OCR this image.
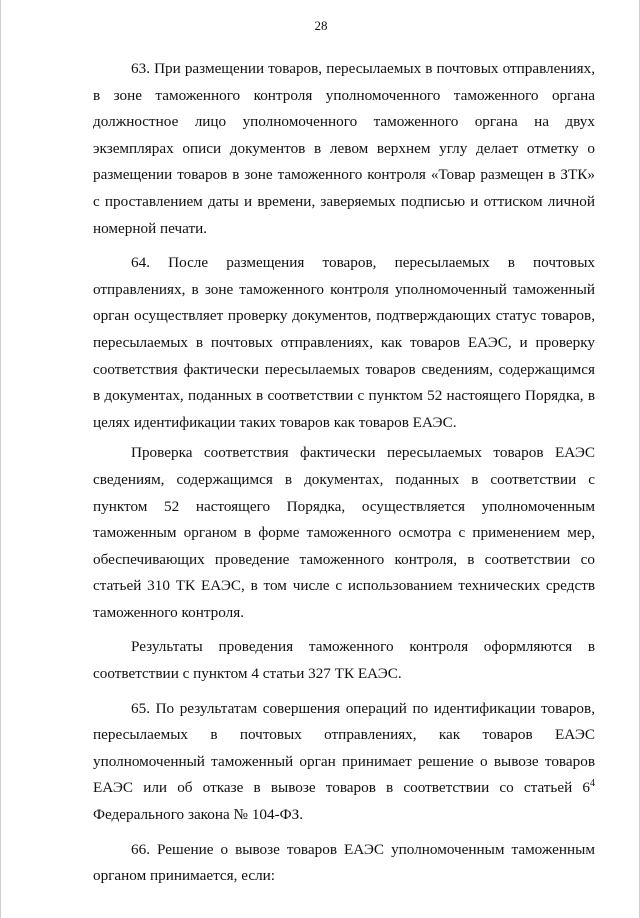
28

63. При размещении товаров, пересылаемых в почтовых отправлениях, в зоне таможенного контроля уполномоченного таможенного органа должностное лицо уполномоченного таможенного органа на двух экземплярах описи документов в левом верхнем углу делает отметку о размещении товаров в зоне таможенного контроля «Товар размещен в ЗТК» с проставлением даты и времени, заверяемых подписью и оттиском личной номерной печати.

64. После размещения товаров, пересылаемых в почтовых отправлениях, в зоне таможенного контроля уполномоченный таможенный орган осуществляет проверку документов, подтверждающих статус товаров, пересылаемых в почтовых отправлениях, как товаров ЕАЭС, и проверку соответствия фактически пересылаемых товаров сведениям, содержащимся в документах, поданных в соответствии с пунктом 52 настоящего Порядка, в целях идентификации таких товаров как товаров ЕАЭС.

Проверка соответствия фактически пересылаемых товаров ЕАЭС сведениям, содержащимся в документах, поданных в соответствии с пунктом 52 настоящего Порядка, осуществляется уполномоченным таможенным органом в форме таможенного осмотра с применением мер, обеспечивающих проведение таможенного контроля, в соответствии со статьей 310 ТК ЕАЭС, в том числе с использованием технических средств таможенного контроля.

Результаты проведения таможенного контроля оформляются в соответствии с пунктом 4 статьи 327 ТК ЕАЭС.

65. По результатам совершения операций по идентификации товаров, пересылаемых в почтовых отправлениях, как товаров ЕАЭС уполномоченный таможенный орган принимает решение о вывозе товаров ЕАЭС или об отказе в вывозе товаров в соответствии со статьей $6^4$ Федерального закона № 104-ФЗ.

66. Решение о вывозе товаров ЕАЭС уполномоченным таможенным органом принимается, если:
